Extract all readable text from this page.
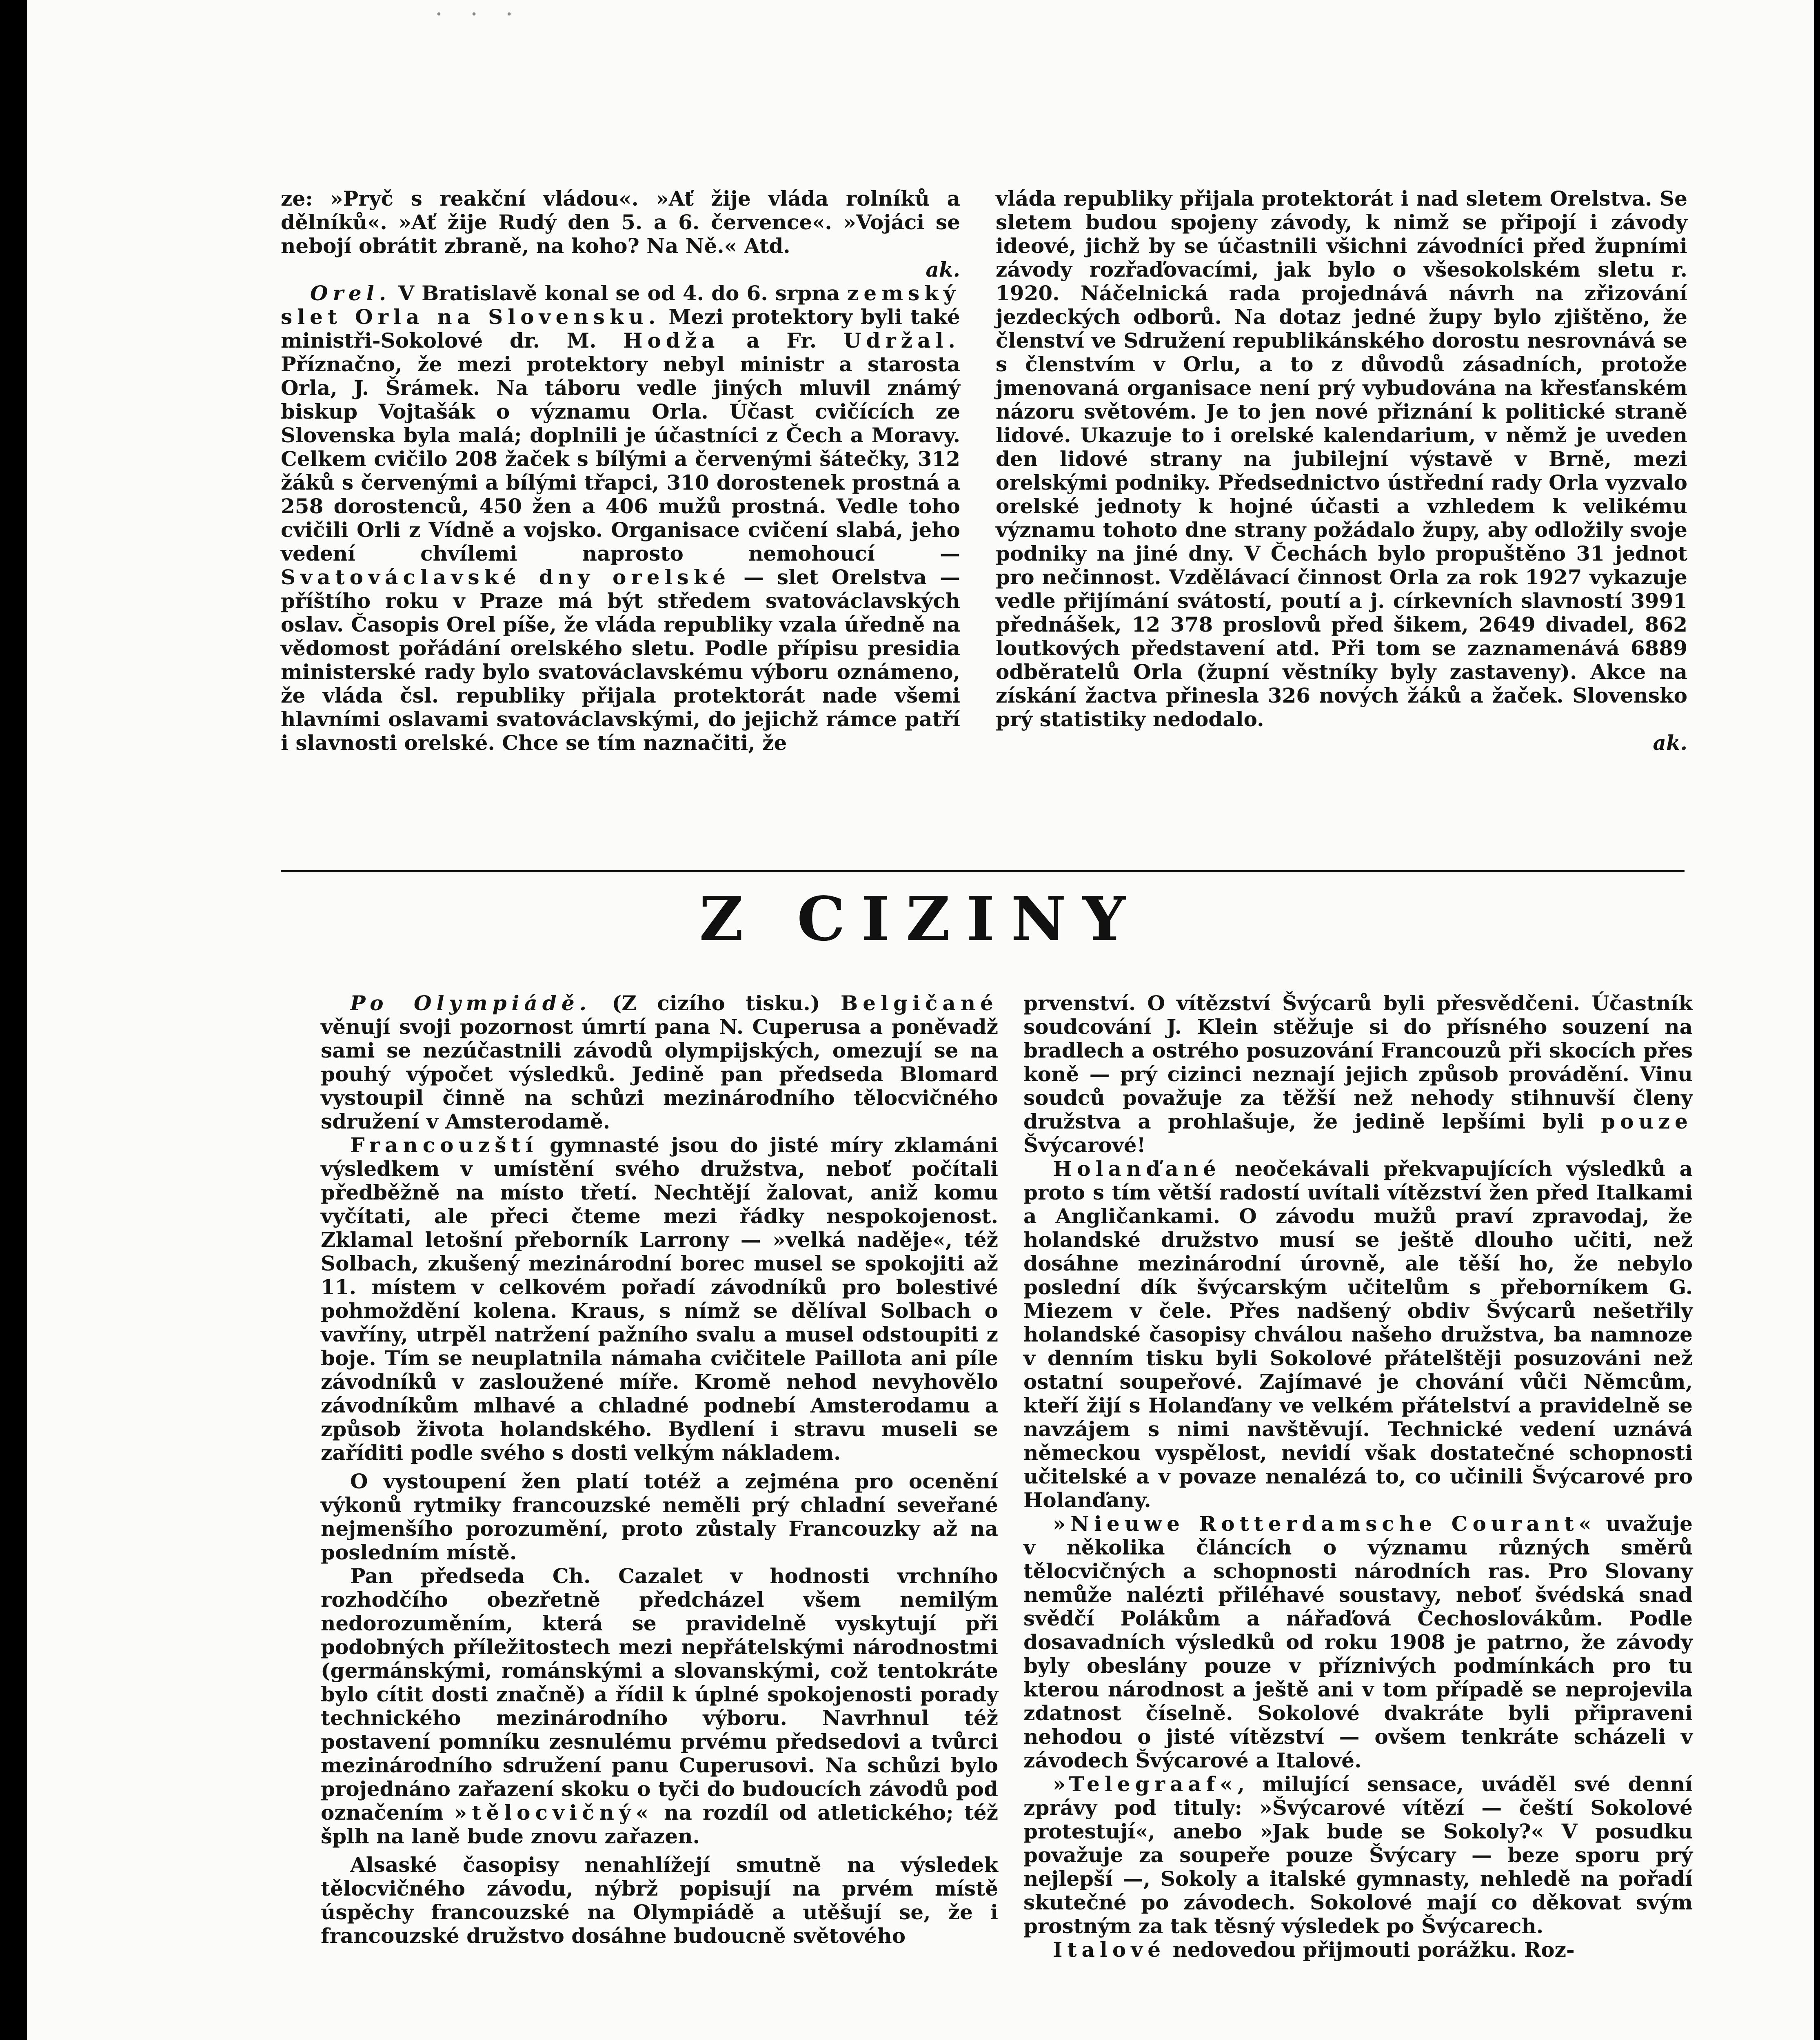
· · ·

ze: »Pryč s reakční vládou«. »Ať žije vláda rolníků a dělníků«. »Ať žije Rudý den 5. a 6. července«. »Vojáci se nebojí obrátit zbraně, na koho? Na Ně.« Atd.
ak.

Orel. V Bratislavě konal se od 4. do 6. srpna zemský slet Orla na Slovensku. Mezi protektory byli také ministři-Sokolové dr. M. Hodža a Fr. Udržal. Příznačno, že mezi protektory nebyl ministr a starosta Orla, J. Šrámek. Na táboru vedle jiných mluvil známý biskup Vojtašák o významu Orla. Účast cvičících ze Slovenska byla malá; doplnili je účastníci z Čech a Moravy. Celkem cvičilo 208 žaček s bílými a červenými šátečky, 312 žáků s červenými a bílými třapci, 310 dorostenek prostná a 258 dorostenců, 450 žen a 406 mužů prostná. Vedle toho cvičili Orli z Vídně a vojsko. Organisace cvičení slabá, jeho vedení chvílemi naprosto nemohoucí — Svatováclavské dny orelské — slet Orelstva — příštího roku v Praze má být středem svatováclavských oslav. Časopis Orel píše, že vláda republiky vzala úředně na vědomost pořádání orelského sletu. Podle přípisu presidia ministerské rady bylo svatováclavskému výboru oznámeno, že vláda čsl. republiky přijala protektorát nade všemi hlavními oslavami svatováclavskými, do jejichž rámce patří i slavnosti orelské. Chce se tím naznačiti, že

vláda republiky přijala protektorát i nad sletem Orelstva. Se sletem budou spojeny závody, k nimž se připojí i závody ideové, jichž by se účastnili všichni závodníci před župními závody rozřaďovacími, jak bylo o všesokolském sletu r. 1920. Náčelnická rada projednává návrh na zřizování jezdeckých odborů. Na dotaz jedné župy bylo zjištěno, že členství ve Sdružení republikánského dorostu nesrovnává se s členstvím v Orlu, a to z důvodů zásadních, protože jmenovaná organisace není prý vybudována na křesťanském názoru světovém. Je to jen nové přiznání k politické straně lidové. Ukazuje to i orelské kalendarium, v němž je uveden den lidové strany na jubilejní výstavě v Brně, mezi orelskými podniky. Předsednictvo ústřední rady Orla vyzvalo orelské jednoty k hojné účasti a vzhledem k velikému významu tohoto dne strany požádalo župy, aby odložily svoje podniky na jiné dny. V Čechách bylo propuštěno 31 jednot pro nečinnost. Vzdělávací činnost Orla za rok 1927 vykazuje vedle přijímání svátostí, poutí a j. církevních slavností 3991 přednášek, 12 378 proslovů před šikem, 2649 divadel, 862 loutkových představení atd. Při tom se zaznamenává 6889 odběratelů Orla (župní věstníky byly zastaveny). Akce na získání žactva přinesla 326 nových žáků a žaček. Slovensko prý statistiky nedodalo.
ak.

Z CIZINY

Po Olympiádě. (Z cizího tisku.) Belgičané věnují svoji pozornost úmrtí pana N. Cuperusa a poněvadž sami se nezúčastnili závodů olympijských, omezují se na pouhý výpočet výsledků. Jedině pan předseda Blomard vystoupil činně na schůzi mezinárodního tělocvičného sdružení v Amsterodamě.

Francouzští gymnasté jsou do jisté míry zklamáni výsledkem v umístění svého družstva, neboť počítali předběžně na místo třetí. Nechtějí žalovat, aniž komu vyčítati, ale přeci čteme mezi řádky nespokojenost. Zklamal letošní přeborník Larrony — »velká naděje«, též Solbach, zkušený mezinárodní borec musel se spokojiti až 11. místem v celkovém pořadí závodníků pro bolestivé pohmoždění kolena. Kraus, s nímž se dělíval Solbach o vavříny, utrpěl natržení pažního svalu a musel odstoupiti z boje. Tím se neuplatnila námaha cvičitele Paillota ani píle závodníků v zasloužené míře. Kromě nehod nevyhovělo závodníkům mlhavé a chladné podnebí Amsterodamu a způsob života holandského. Bydlení i stravu museli se zaříditi podle svého s dosti velkým nákladem.

O vystoupení žen platí totéž a zejména pro ocenění výkonů rytmiky francouzské neměli prý chladní seveřané nejmenšího porozumění, proto zůstaly Francouzky až na posledním místě.

Pan předseda Ch. Cazalet v hodnosti vrchního rozhodčího obezřetně předcházel všem nemilým nedorozuměním, která se pravidelně vyskytují při podobných příležitostech mezi nepřátelskými národnostmi (germánskými, románskými a slovanskými, což tentokráte bylo cítit dosti značně) a řídil k úplné spokojenosti porady technického mezinárodního výboru. Navrhnul též postavení pomníku zesnulému prvému předsedovi a tvůrci mezinárodního sdružení panu Cuperusovi. Na schůzi bylo projednáno zařazení skoku o tyči do budoucích závodů pod označením »tělocvičný« na rozdíl od atletického; též šplh na laně bude znovu zařazen.

Alsaské časopisy nenahlížejí smutně na výsledek tělocvičného závodu, nýbrž popisují na prvém místě úspěchy francouzské na Olympiádě a utěšují se, že i francouzské družstvo dosáhne budoucně světového

prvenství. O vítězství Švýcarů byli přesvědčeni. Účastník soudcování J. Klein stěžuje si do přísného souzení na bradlech a ostrého posuzování Francouzů při skocích přes koně — prý cizinci neznají jejich způsob provádění. Vinu soudců považuje za těžší než nehody stihnuvší členy družstva a prohlašuje, že jedině lepšími byli pouze Švýcarové!

Holanďané neočekávali překvapujících výsledků a proto s tím větší radostí uvítali vítězství žen před Italkami a Angličankami. O závodu mužů praví zpravodaj, že holandské družstvo musí se ještě dlouho učiti, než dosáhne mezinárodní úrovně, ale těší ho, že nebylo poslední dík švýcarským učitelům s přeborníkem G. Miezem v čele. Přes nadšený obdiv Švýcarů nešetřily holandské časopisy chválou našeho družstva, ba namnoze v denním tisku byli Sokolové přátelštěji posuzováni než ostatní soupeřové. Zajímavé je chování vůči Němcům, kteří žijí s Holanďany ve velkém přátelství a pravidelně se navzájem s nimi navštěvují. Technické vedení uznává německou vyspělost, nevidí však dostatečné schopnosti učitelské a v povaze nenalézá to, co učinili Švýcarové pro Holanďany.

»Nieuwe Rotterdamsche Courant« uvažuje v několika článcích o významu různých směrů tělocvičných a schopnosti národních ras. Pro Slovany nemůže nalézti přiléhavé soustavy, neboť švédská snad svědčí Polákům a nářaďová Čechoslovákům. Podle dosavadních výsledků od roku 1908 je patrno, že závody byly obeslány pouze v příznivých podmínkách pro tu kterou národnost a ještě ani v tom případě se neprojevila zdatnost číselně. Sokolové dvakráte byli připraveni nehodou o jisté vítězství — ovšem tenkráte scházeli v závodech Švýcarové a Italové.

»Telegraaf«, milující sensace, uváděl své denní zprávy pod tituly: »Švýcarové vítězí — čeští Sokolové protestují«, anebo »Jak bude se Sokoly?« V posudku považuje za soupeře pouze Švýcary — beze sporu prý nejlepší —, Sokoly a italské gymnasty, nehledě na pořadí skutečné po závodech. Sokolové mají co děkovat svým prostným za tak těsný výsledek po Švýcarech.

Italové nedovedou přijmouti porážku. Roz-
